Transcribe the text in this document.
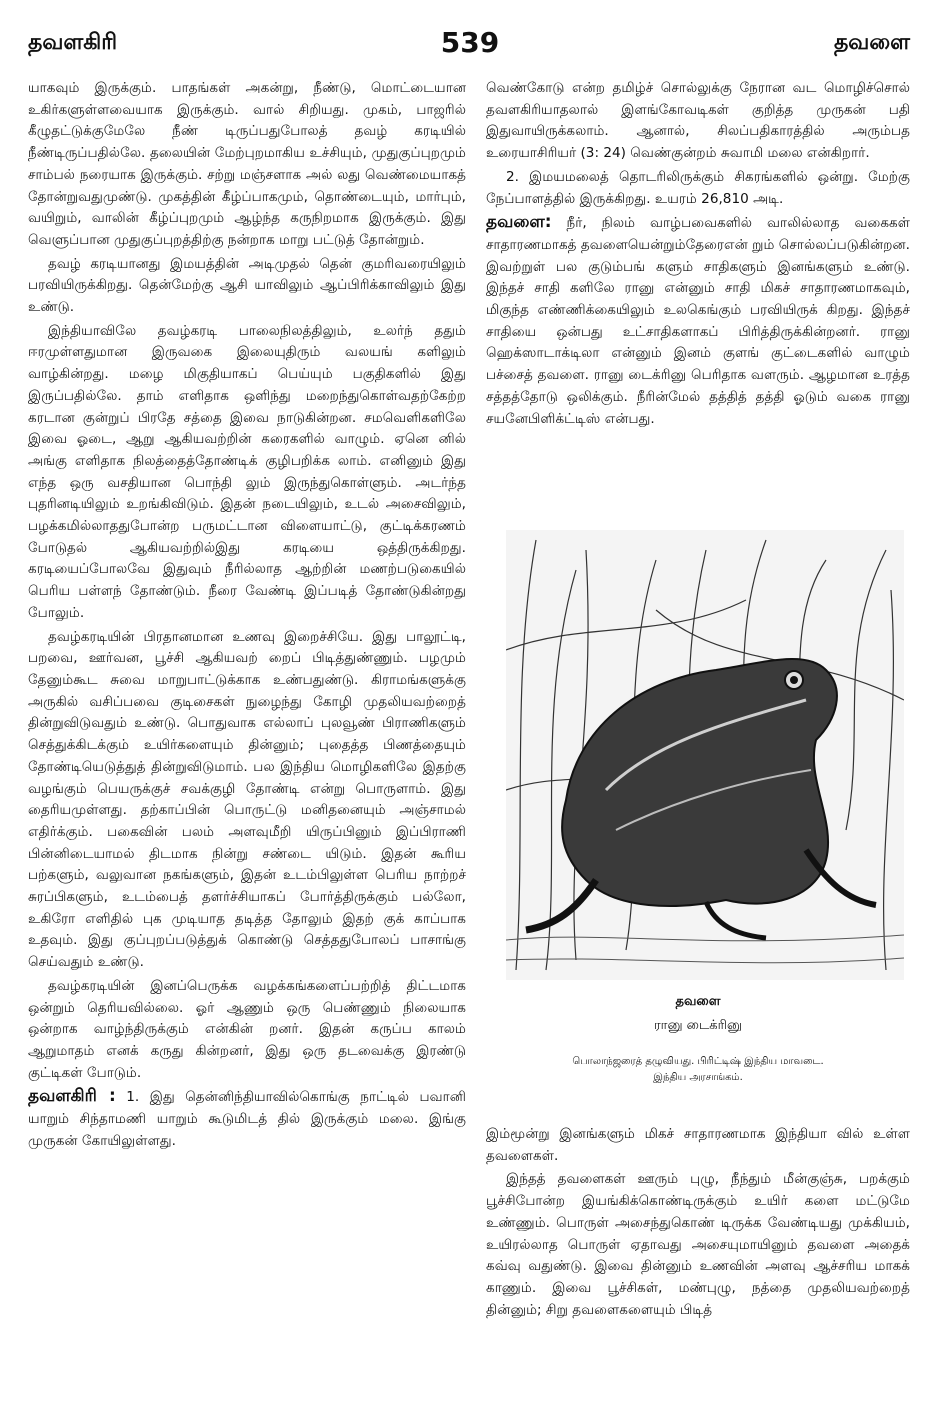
தவளகிரி	539	தவளை

யாகவும் இருக்கும். பாதங்கள் அகன்று, நீண்டு, மொட்டையான உகிர்களுள்ளவையாக இருக்கும். வால் சிறியது. முகம், பாஜரில் கீழுதட்டுக்குமேலே நீண் டிருப்பதுபோலத் தவழ் கரடியில் நீண்டிருப்பதில்லே. தலையின் மேற்புறமாகிய உச்சியும், முதுகுப்புறமும் சாம்பல் நரையாக இருக்கும். சற்று மஞ்சளாக அல் லது வெண்மையாகத் தோன்றுவதுமுண்டு. முகத்தின் கீழ்ப்பாகமும், தொண்டையும், மார்பும், வயிறும், வாலின் கீழ்ப்புறமும் ஆழ்ந்த கருநிறமாக இருக்கும். இது வெளுப்பான முதுகுப்புறத்திற்கு நன்றாக மாறு பட்டுத் தோன்றும்.

தவழ் கரடியானது இமயத்தின் அடிமுதல் தென் குமரிவரையிலும் பரவியிருக்கிறது. தென்மேற்கு ஆசி யாவிலும் ஆப்பிரிக்காவிலும் இது உண்டு.

இந்தியாவிலே தவழ்கரடி பாலைநிலத்திலும், உலர்ந் ததும் ஈரமுள்ளதுமான இருவகை இலையுதிரும் வலயங் களிலும் வாழ்கின்றது. மழை மிகுதியாகப் பெய்யும் பகுதிகளில் இது இருப்பதில்லே. தாம் எளிதாக ஒளிந்து மறைந்துகொள்வதற்கேற்ற கரடான குன்றுப் பிரதே சத்தை இவை நாடுகின்றன. சமவெளிகளிலே இவை ஓடை, ஆறு ஆகியவற்றின் கரைகளில் வாழும். ஏனெ னில் அங்கு எளிதாக நிலத்தைத்தோண்டிக் குழிபறிக்க லாம். எனினும் இது எந்த ஒரு வசதியான பொந்தி லும் இருந்துகொள்ளும். அடர்ந்த புதரினடியிலும் உறங்கிவிடும். இதன் நடையிலும், உடல் அசைவிலும், பழக்கமில்லாததுபோன்ற பருமட்டான விளையாட்டு, குட்டிக்கரணம் போடுதல் ஆகியவற்றில்இது கரடியை ஒத்திருக்கிறது. கரடியைப்போலவே இதுவும் நீரில்லாத ஆற்றின் மணற்படுகையில் பெரிய பள்ளந் தோண்டும். நீரை வேண்டி இப்படித் தோண்டுகின்றது போலும்.

தவழ்கரடியின் பிரதானமான உணவு இறைச்சியே. இது பாலூட்டி, பறவை, ஊர்வன, பூச்சி ஆகியவற் றைப் பிடித்துண்ணும். பழமும் தேனும்கூட சுவை மாறுபாட்டுக்காக உண்பதுண்டு. கிராமங்களுக்கு அருகில் வசிப்பவை குடிசைகள் நுழைந்து கோழி முதலியவற்றைத் தின்றுவிடுவதும் உண்டு. பொதுவாக எல்லாப் புலவூண் பிராணிகளும் செத்துக்கிடக்கும் உயிர்களையும் தின்னும்; புதைத்த பிணத்தையும் தோண்டியெடுத்துத் தின்றுவிடுமாம். பல இந்திய மொழிகளிலே இதற்கு வழங்கும் பெயருக்குச் சவக்குழி தோண்டி என்று பொருளாம். இது தைரியமுள்ளது. தற்காப்பின் பொருட்டு மனிதனையும் அஞ்சாமல் எதிர்க்கும். பகைவின் பலம் அளவுமீறி யிருப்பினும் இப்பிராணி பின்னிடையாமல் திடமாக நின்று சண்டை யிடும். இதன் கூரிய பற்களும், வலுவான நகங்களும், இதன் உடம்பிலுள்ள பெரிய நாற்றச் சுரப்பிகளும், உடம்பைத் தளர்ச்சியாகப் போர்த்திருக்கும் பல்லோ, உகிரோ எளிதில் புக முடியாத தடித்த தோலும் இதற் குக் காப்பாக உதவும். இது குப்புறப்படுத்துக் கொண்டு செத்ததுபோலப் பாசாங்கு செய்வதும் உண்டு.

தவழ்கரடியின் இனப்பெருக்க வழக்கங்களைப்பற்றித் திட்டமாக ஒன்றும் தெரியவில்லை. ஓர் ஆணும் ஒரு பெண்ணும் நிலையாக ஒன்றாக வாழ்ந்திருக்கும் என்கின் றனர். இதன் கருப்ப காலம் ஆறுமாதம் எனக் கருது கின்றனர், இது ஒரு தடவைக்கு இரண்டு குட்டிகள் போடும்.

தவளகிரி : 1. இது தென்னிந்தியாவில்கொங்கு நாட்டில் பவானி யாறும் சிந்தாமணி யாறும் கூடுமிடத் தில் இருக்கும் மலை. இங்கு முருகன் கோயிலுள்ளது.

வெண்கோடு என்ற தமிழ்ச் சொல்லுக்கு நேரான வட மொழிச்சொல் தவளகிரியாதலால் இளங்கோவடிகள் குறித்த முருகன் பதி இதுவாயிருக்கலாம். ஆனால், சிலப்பதிகாரத்தில் அரும்பத உரையாசிரியர் (3: 24) வெண்குன்றம் சுவாமி மலை என்கிறார்.

2. இமயமலைத் தொடரிலிருக்கும் சிகரங்களில் ஒன்று. மேற்கு நேப்பாளத்தில் இருக்கிறது. உயரம் 26,810 அடி.

தவளை: நீர், நிலம் வாழ்பவைகளில் வாலில்லாத வகைகள் சாதாரணமாகத் தவளையென்றும்தேரைஎன் றும் சொல்லப்படுகின்றன. இவற்றுள் பல குடும்பங் களும் சாதிகளும் இனங்களும் உண்டு. இந்தச் சாதி களிலே ரானு என்னும் சாதி மிகச் சாதாரணமாகவும், மிகுந்த எண்ணிக்கையிலும் உலகெங்கும் பரவியிருக் கிறது. இந்தச் சாதியை ஒன்பது உட்சாதிகளாகப் பிரித்திருக்கின்றனர். ரானு ஹெக்ஸாடாக்டிலா என்னும் இனம் குளங் குட்டைகளில் வாழும் பச்சைத் தவளை. ரானு டைக்ரினு பெரிதாக வளரும். ஆழமான உரத்த சத்தத்தோடு ஒலிக்கும். நீரின்மேல் தத்தித் தத்தி ஓடும் வகை ரானு சயனேபிளிக்ட்டிஸ் என்பது.

தவளை
ரானு டைக்ரினு
பொலாந்ஜரைத் தழுவியது. பிரிட்டிஷ் இந்திய மாவடை.
இந்திய அரசாங்கம்.

இம்மூன்று இனங்களும் மிகச் சாதாரணமாக இந்தியா வில் உள்ள தவளைகள்.

இந்தத் தவளைகள் ஊரும் புழு, நீந்தும் மீன்குஞ்சு, பறக்கும் பூச்சிபோன்ற இயங்கிக்கொண்டிருக்கும் உயிர் களை மட்டுமே உண்ணும். பொருள் அசைந்துகொண் டிருக்க வேண்டியது முக்கியம், உயிரல்லாத பொருள் ஏதாவது அசையுமாயினும் தவளை அதைக் கவ்வு வதுண்டு. இவை தின்னும் உணவின் அளவு ஆச்சரிய மாகக் காணும். இவை பூச்சிகள், மண்புழு, நத்தை முதலியவற்றைத் தின்னும்; சிறு தவளைகளையும் பிடித்
